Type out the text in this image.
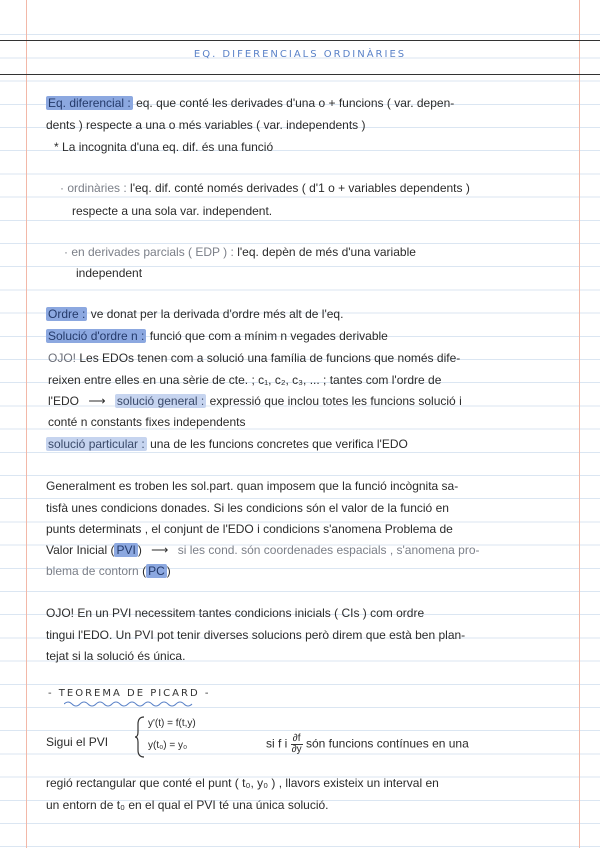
EQ. DIFERENCIALS ORDINÀRIES
Eq. diferencial : eq. que conté les derivades d'una o + funcions ( var. depen-
dents ) respecte a una o més variables ( var. independents )
* La incognita d'una eq. dif. és una funció
· ordinàries : l'eq. dif. conté només derivades ( d'1 o + variables dependents )
respecte a una sola var. independent.
· en derivades parcials ( EDP ) : l'eq. depèn de més d'una variable
independent
Ordre : ve donat per la derivada d'ordre més alt de l'eq.
Solució d'ordre n : funció que com a mínim n vegades derivable
OJO! Les EDOs tenen com a solució una família de funcions que només dife-
reixen entre elles en una sèrie de cte. ; c₁, c₂, c₃, ... ; tantes com l'ordre de
l'EDO ⟶ solució general : expressió que inclou totes les funcions solució i
conté n constants fixes independents
solució particular : una de les funcions concretes que verifica l'EDO
Generalment es troben les sol.part. quan imposem que la funció incògnita sa-
tisfà unes condicions donades. Si les condicions són el valor de la funció en
punts determinats , el conjunt de l'EDO i condicions s'anomena Problema de
Valor Inicial ( PVI ) ⟶ si les cond. són coordenades espacials , s'anomena pro-
blema de contorn ( PC )
OJO! En un PVI necessitem tantes condicions inicials ( CIs ) com ordre
tingui l'EDO. Un PVI pot tenir diverses solucions però direm que està ben plan-
tejat si la solució és única.
- TEOREMA DE PICARD -
Sigui el PVI
y'(t) = f(t,y)
y(t₀) = y₀	si f i $\frac{\partial f}{\partial y}$ són funcions contínues en una
regió rectangular que conté el punt ( t₀, y₀ ) , llavors existeix un interval en
un entorn de t₀ en el qual el PVI té una única solució.
